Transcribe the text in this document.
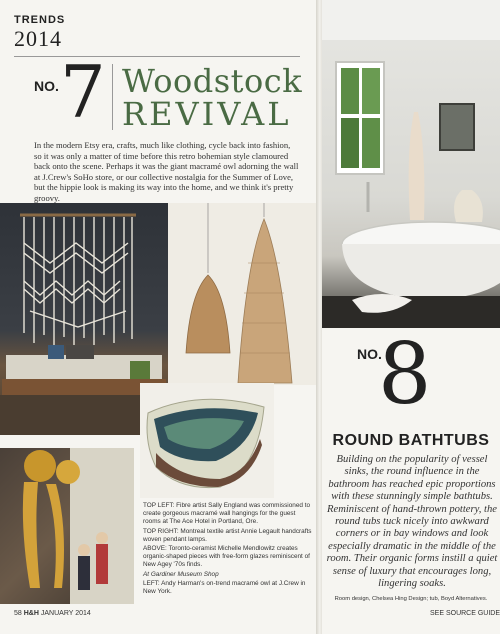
TRENDS
2014
NO. 7 Woodstock
REVIVAL
In the modern Etsy era, crafts, much like clothing, cycle back into fashion, so it was only a matter of time before this retro bohemian style clamoured back onto the scene. Perhaps it was the giant macramé owl adorning the wall at J.Crew's SoHo store, or our collective nostalgia for the Summer of Love, but the hippie look is making its way into the home, and we think it's pretty groovy.

TOP LEFT: Fibre artist Sally England was commissioned to create gorgeous macramé wall hangings for the guest rooms at The Ace Hotel in Portland, Ore.

TOP RIGHT: Montreal textile artist Annie Legault handcrafts woven pendant lamps.

ABOVE: Toronto-ceramist Michelle Mendlowitz creates organic-shaped pieces with free-form glazes reminiscent of New Agey '70s finds.

At Gardiner Museum Shop

LEFT: Andy Harman's on-trend macramé owl at J.Crew in New York.

58 H&H JANUARY 2014
NO.
8
ROUND BATHTUBS
Building on the popularity of vessel sinks, the round influence in the bathroom has reached epic proportions with these stunningly simple bathtubs. Reminiscent of hand-thrown pottery, the round tubs tuck nicely into awkward corners or in bay windows and look especially dramatic in the middle of the room. Their organic forms instill a quiet sense of luxury that encourages long, lingering soaks.
Room design, Chelsea Hing Design; tub, Boyd Alternatives.
SEE SOURCE GUIDE
